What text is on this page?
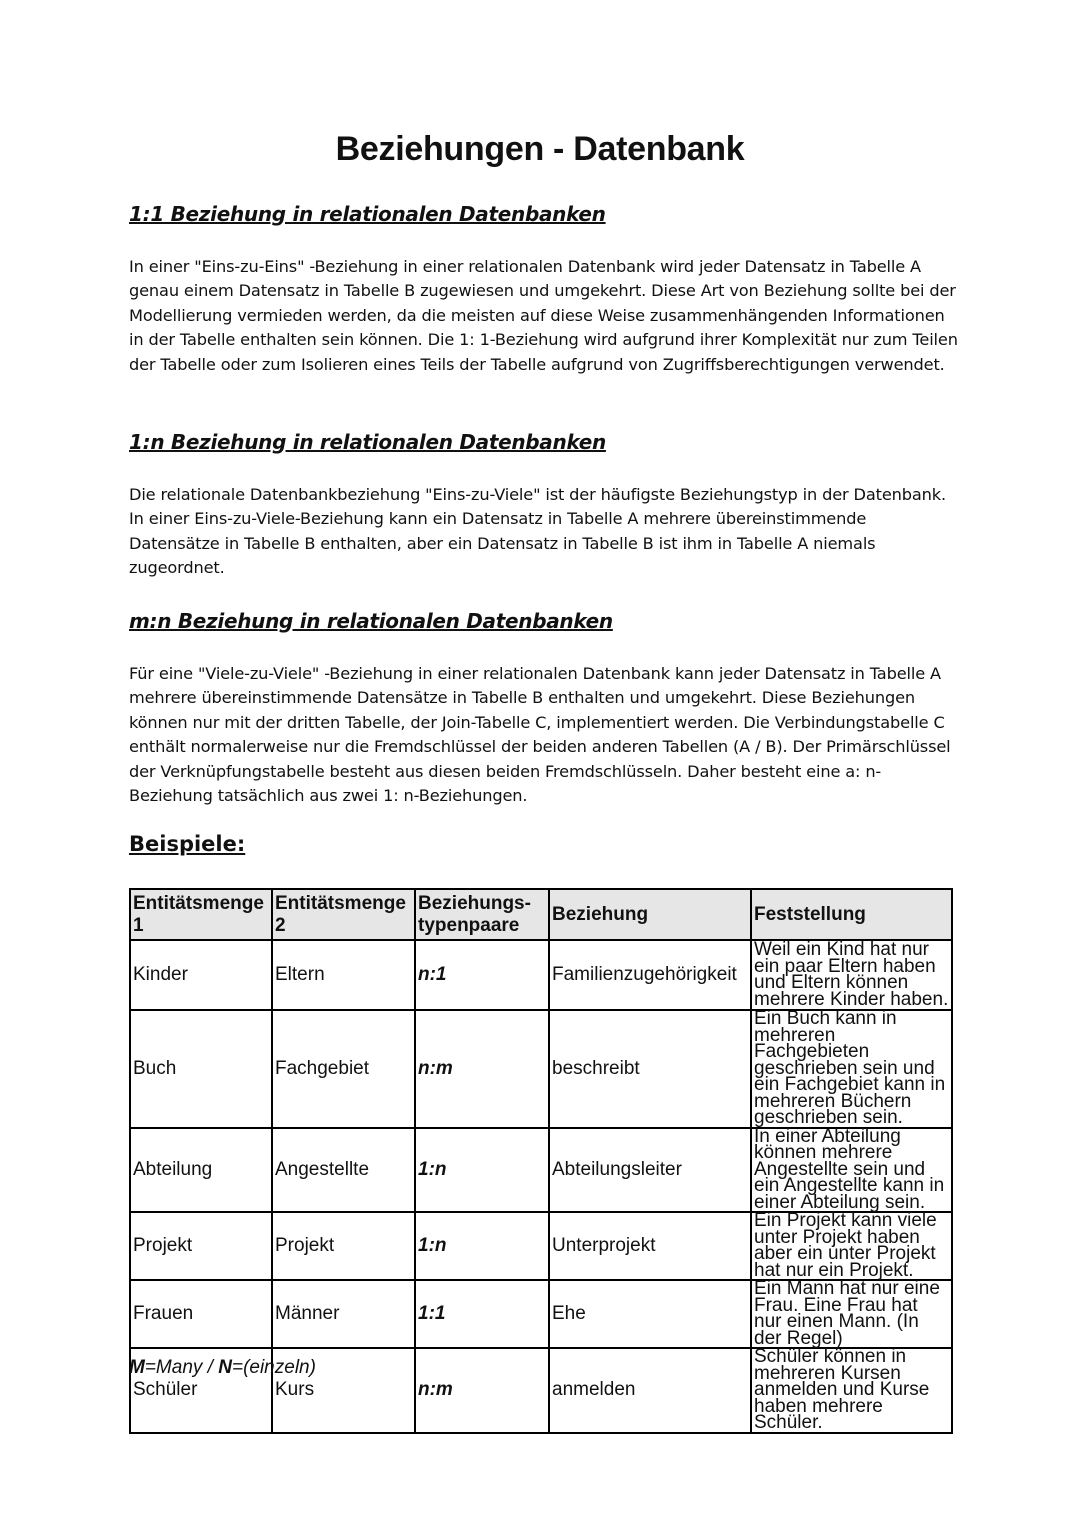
Beziehungen - Datenbank
1:1 Beziehung in relationalen Datenbanken
In einer "Eins-zu-Eins" -Beziehung in einer relationalen Datenbank wird jeder Datensatz in Tabelle A genau einem Datensatz in Tabelle B zugewiesen und umgekehrt. Diese Art von Beziehung sollte bei der Modellierung vermieden werden, da die meisten auf diese Weise zusammenhängenden Informationen in der Tabelle enthalten sein können. Die 1: 1-Beziehung wird aufgrund ihrer Komplexität nur zum Teilen der Tabelle oder zum Isolieren eines Teils der Tabelle aufgrund von Zugriffsberechtigungen verwendet.
1:n Beziehung in relationalen Datenbanken
Die relationale Datenbankbeziehung "Eins-zu-Viele" ist der häufigste Beziehungstyp in der Datenbank. In einer Eins-zu-Viele-Beziehung kann ein Datensatz in Tabelle A mehrere übereinstimmende Datensätze in Tabelle B enthalten, aber ein Datensatz in Tabelle B ist ihm in Tabelle A niemals zugeordnet.
m:n Beziehung in relationalen Datenbanken
Für eine "Viele-zu-Viele" -Beziehung in einer relationalen Datenbank kann jeder Datensatz in Tabelle A mehrere übereinstimmende Datensätze in Tabelle B enthalten und umgekehrt. Diese Beziehungen können nur mit der dritten Tabelle, der Join-Tabelle C, implementiert werden. Die Verbindungstabelle C enthält normalerweise nur die Fremdschlüssel der beiden anderen Tabellen (A / B). Der Primärschlüssel der Verknüpfungstabelle besteht aus diesen beiden Fremdschlüsseln. Daher besteht eine a: n-Beziehung tatsächlich aus zwei 1: n-Beziehungen.
Beispiele:
Entitätsmenge 1	Entitätsmenge 2	Beziehungs-typenpaare	Beziehung	Feststellung
Kinder	Eltern	n:1	Familienzugehörigkeit	Weil ein Kind hat nur ein paar Eltern haben und Eltern können mehrere Kinder haben.
Buch	Fachgebiet	n:m	beschreibt	Ein Buch kann in mehreren Fachgebieten geschrieben sein und ein Fachgebiet kann in mehreren Büchern geschrieben sein.
Abteilung	Angestellte	1:n	Abteilungsleiter	In einer Abteilung können mehrere Angestellte sein und ein Angestellte kann in einer Abteilung sein.
Projekt	Projekt	1:n	Unterprojekt	Ein Projekt kann viele unter Projekt haben aber ein unter Projekt hat nur ein Projekt.
Frauen	Männer	1:1	Ehe	Ein Mann hat nur eine Frau. Eine Frau hat nur einen Mann. (In der Regel)
Schüler	Kurs	n:m	anmelden	Schüler können in mehreren Kursen anmelden und Kurse haben mehrere Schüler.
M=Many / N=(einzeln)
